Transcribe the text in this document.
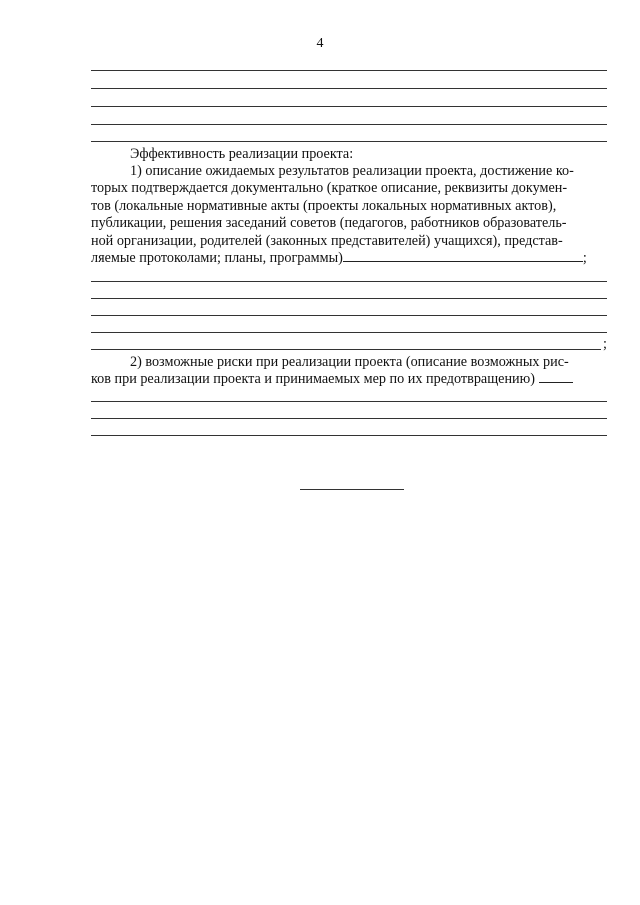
4
Эффективность реализации проекта:
1) описание ожидаемых результатов реализации проекта, достижение ко-
торых подтверждается документально (краткое описание, реквизиты докумен-
тов (локальные нормативные акты (проекты локальных нормативных актов),
публикации, решения заседаний советов (педагогов, работников образователь-
ной организации, родителей (законных представителей) учащихся), представ-
ляемые протоколами; планы, программы)	;
;
2) возможные риски при реализации проекта (описание возможных рис-
ков при реализации проекта и принимаемых мер по их предотвращению)
